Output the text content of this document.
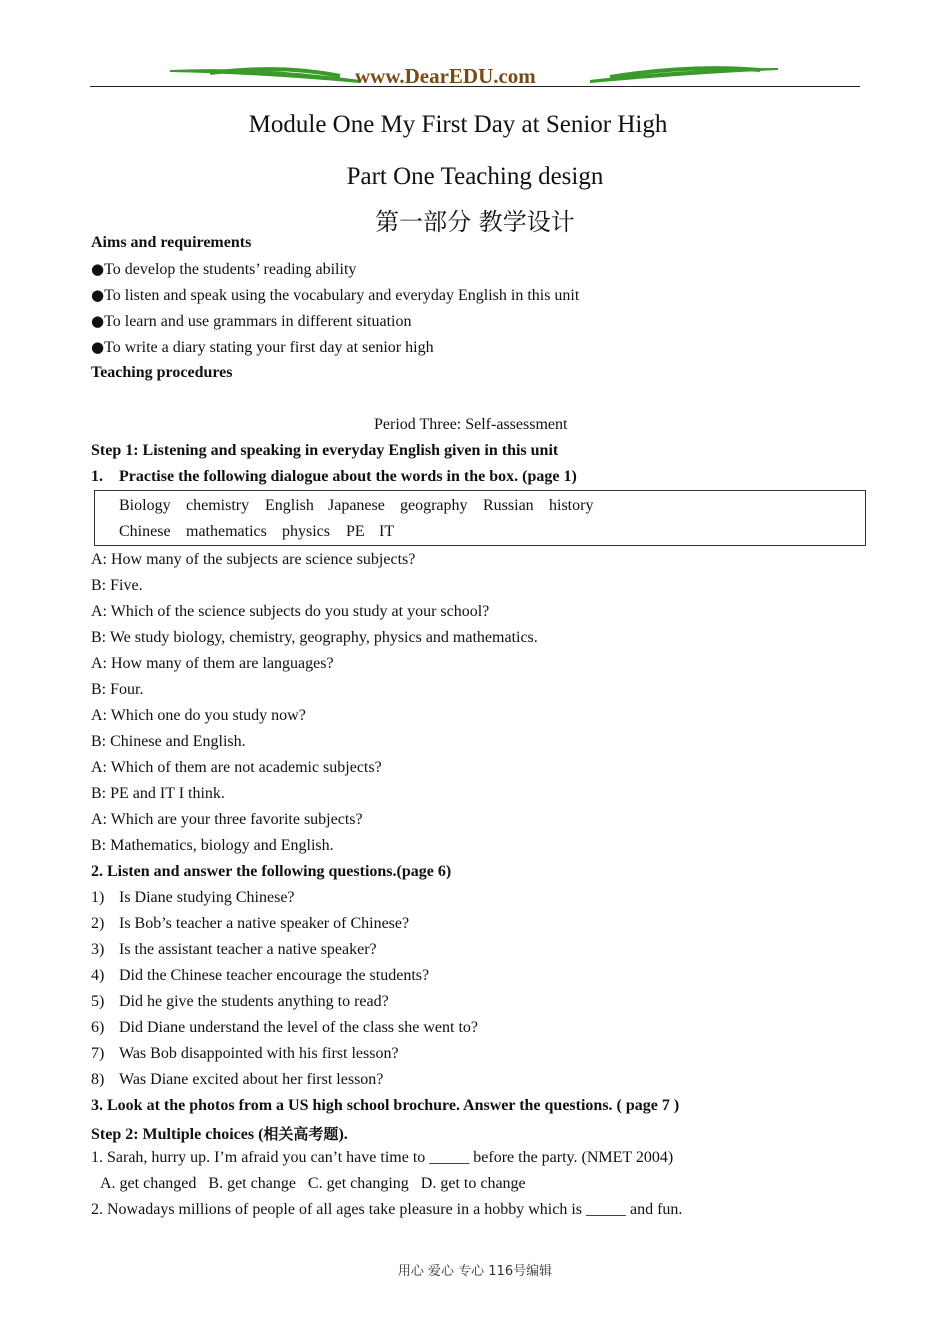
www.DearEDU.com
Module One My First Day at Senior High
Part One Teaching design
第一部分 教学设计
Aims and requirements
●To develop the students’ reading ability
●To listen and speak using the vocabulary and everyday English in this unit
●To learn and use grammars in different situation
●To write a diary stating your first day at senior high
Teaching procedures
Period Three: Self-assessment
Step 1: Listening and speaking in everyday English given in this unit
1. Practise the following dialogue about the words in the box. (page 1)
Biology chemistry English Japanese geography Russian history
Chinese mathematics physics PE IT
A: How many of the subjects are science subjects?
B: Five.
A: Which of the science subjects do you study at your school?
B: We study biology, chemistry, geography, physics and mathematics.
A: How many of them are languages?
B: Four.
A: Which one do you study now?
B: Chinese and English.
A: Which of them are not academic subjects?
B: PE and IT I think.
A: Which are your three favorite subjects?
B: Mathematics, biology and English.
2. Listen and answer the following questions.(page 6)
1) Is Diane studying Chinese?
2) Is Bob’s teacher a native speaker of Chinese?
3) Is the assistant teacher a native speaker?
4) Did the Chinese teacher encourage the students?
5) Did he give the students anything to read?
6) Did Diane understand the level of the class she went to?
7) Was Bob disappointed with his first lesson?
8) Was Diane excited about her first lesson?
3. Look at the photos from a US high school brochure. Answer the questions. ( page 7 )
Step 2: Multiple choices (相关高考题).
1. Sarah, hurry up. I’m afraid you can’t have time to _____ before the party. (NMET 2004)
A. get changed   B. get change   C. get changing   D. get to change
2. Nowadays millions of people of all ages take pleasure in a hobby which is _____ and fun.
用心 爱心 专心 116号编辑
